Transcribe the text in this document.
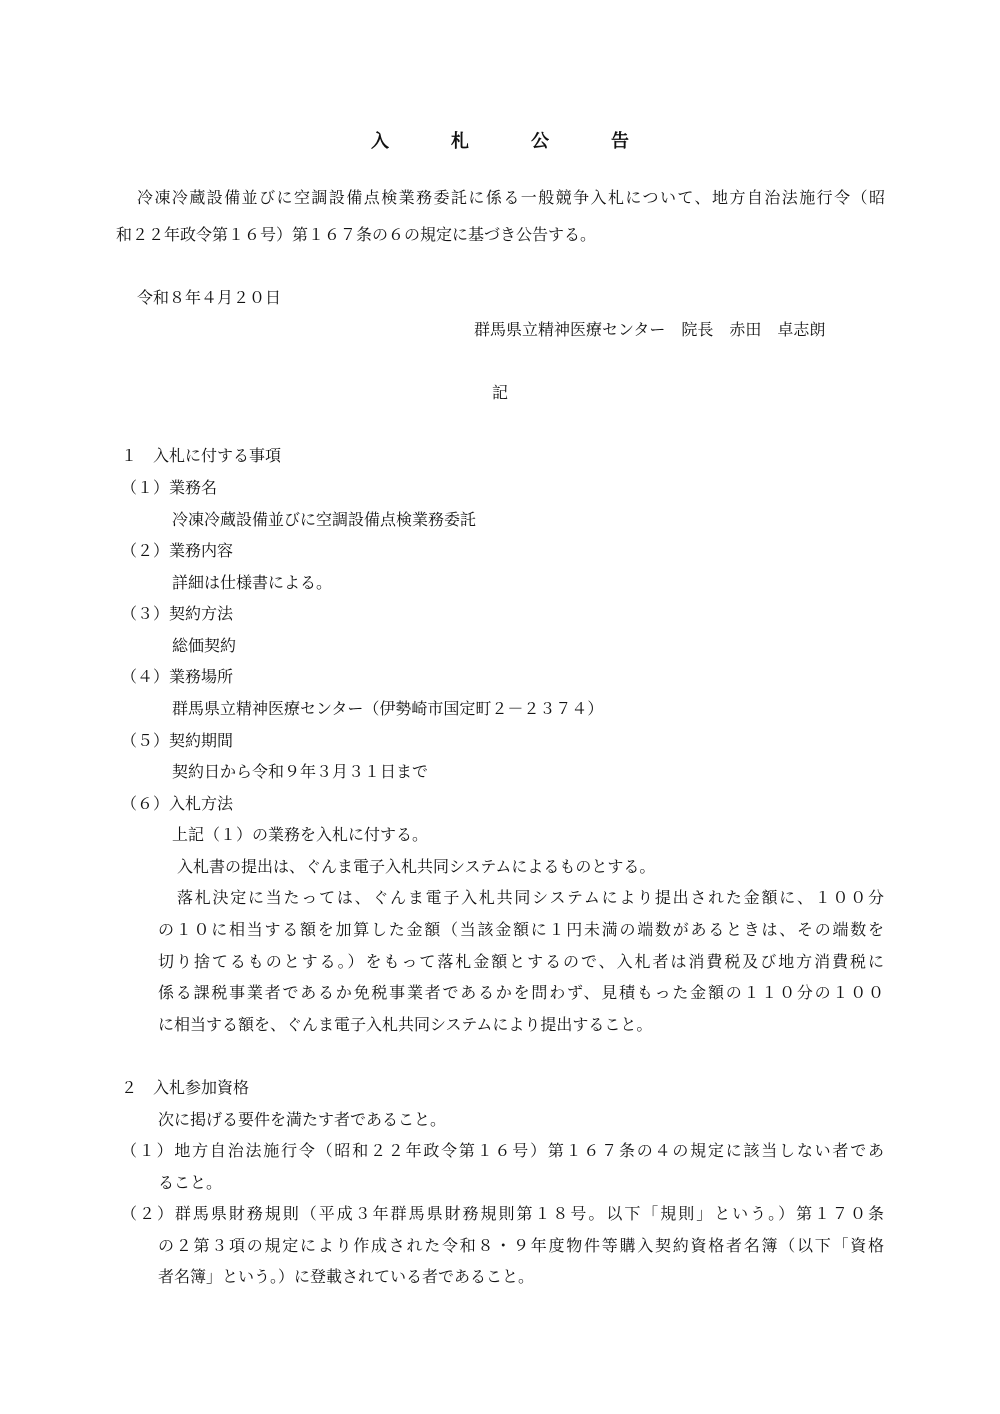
入　札　公　告
冷凍冷蔵設備並びに空調設備点検業務委託に係る一般競争入札について、地方自治法施行令（昭
和２２年政令第１６号）第１６７条の６の規定に基づき公告する。
令和８年４月２０日
群馬県立精神医療センター　院長　赤田　卓志朗
記
１　入札に付する事項
（１）業務名
冷凍冷蔵設備並びに空調設備点検業務委託
（２）業務内容
詳細は仕様書による。
（３）契約方法
総価契約
（４）業務場所
群馬県立精神医療センター（伊勢崎市国定町２－２３７４）
（５）契約期間
契約日から令和９年３月３１日まで
（６）入札方法
上記（１）の業務を入札に付する。
入札書の提出は、ぐんま電子入札共同システムによるものとする。
落札決定に当たっては、ぐんま電子入札共同システムにより提出された金額に、１００分
の１０に相当する額を加算した金額（当該金額に１円未満の端数があるときは、その端数を
切り捨てるものとする。）をもって落札金額とするので、入札者は消費税及び地方消費税に
係る課税事業者であるか免税事業者であるかを問わず、見積もった金額の１１０分の１００
に相当する額を、ぐんま電子入札共同システムにより提出すること。
２　入札参加資格
次に掲げる要件を満たす者であること。
（１）地方自治法施行令（昭和２２年政令第１６号）第１６７条の４の規定に該当しない者であ
ること。
（２）群馬県財務規則（平成３年群馬県財務規則第１８号。以下「規則」という。）第１７０条
の２第３項の規定により作成された令和８・９年度物件等購入契約資格者名簿（以下「資格
者名簿」という。）に登載されている者であること。
